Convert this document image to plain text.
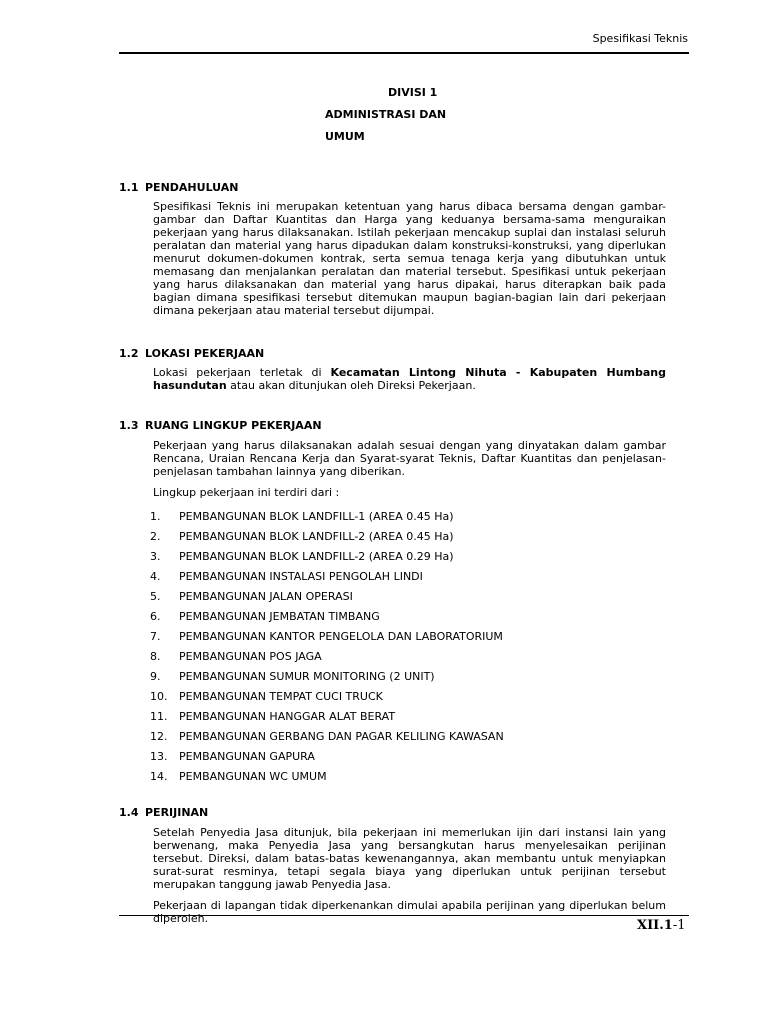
Spesifikasi Teknis
DIVISI 1
ADMINISTRASI DAN
UMUM
1.1 PENDAHULUAN
Spesifikasi Teknis ini merupakan ketentuan yang harus dibaca bersama dengan gambar-gambar dan Daftar Kuantitas dan Harga yang keduanya bersama-sama menguraikan pekerjaan yang harus dilaksanakan. Istilah pekerjaan mencakup suplai dan instalasi seluruh peralatan dan material yang harus dipadukan dalam konstruksi-konstruksi, yang diperlukan menurut dokumen-dokumen kontrak, serta semua tenaga kerja yang dibutuhkan untuk memasang dan menjalankan peralatan dan material tersebut. Spesifikasi untuk pekerjaan yang harus dilaksanakan dan material yang harus dipakai, harus diterapkan baik pada bagian dimana spesifikasi tersebut ditemukan maupun bagian-bagian lain dari pekerjaan dimana pekerjaan atau material tersebut dijumpai.
1.2 LOKASI PEKERJAAN
Lokasi pekerjaan terletak di Kecamatan Lintong Nihuta - Kabupaten Humbang hasundutan atau akan ditunjukan oleh Direksi Pekerjaan.
1.3 RUANG LINGKUP PEKERJAAN
Pekerjaan yang harus dilaksanakan adalah sesuai dengan yang dinyatakan dalam gambar Rencana, Uraian Rencana Kerja dan Syarat-syarat Teknis, Daftar Kuantitas dan penjelasan-penjelasan tambahan lainnya yang diberikan.
Lingkup pekerjaan ini terdiri dari :
1. PEMBANGUNAN BLOK LANDFILL-1 (AREA 0.45 Ha)
2. PEMBANGUNAN BLOK LANDFILL-2 (AREA 0.45 Ha)
3. PEMBANGUNAN BLOK LANDFILL-2 (AREA 0.29 Ha)
4. PEMBANGUNAN INSTALASI PENGOLAH LINDI
5. PEMBANGUNAN JALAN OPERASI
6. PEMBANGUNAN JEMBATAN TIMBANG
7. PEMBANGUNAN KANTOR PENGELOLA DAN LABORATORIUM
8. PEMBANGUNAN POS JAGA
9. PEMBANGUNAN SUMUR MONITORING (2 UNIT)
10. PEMBANGUNAN TEMPAT CUCI TRUCK
11. PEMBANGUNAN HANGGAR ALAT BERAT
12. PEMBANGUNAN GERBANG DAN PAGAR KELILING KAWASAN
13. PEMBANGUNAN GAPURA
14. PEMBANGUNAN WC UMUM
1.4 PERIJINAN
Setelah Penyedia Jasa ditunjuk, bila pekerjaan ini memerlukan ijin dari instansi lain yang berwenang, maka Penyedia Jasa yang bersangkutan harus menyelesaikan perijinan tersebut. Direksi, dalam batas-batas kewenangannya, akan membantu untuk menyiapkan surat-surat resminya, tetapi segala biaya yang diperlukan untuk perijinan tersebut merupakan tanggung jawab Penyedia Jasa.
Pekerjaan di lapangan tidak diperkenankan dimulai apabila perijinan yang diperlukan belum diperoleh.	XII.1-1
